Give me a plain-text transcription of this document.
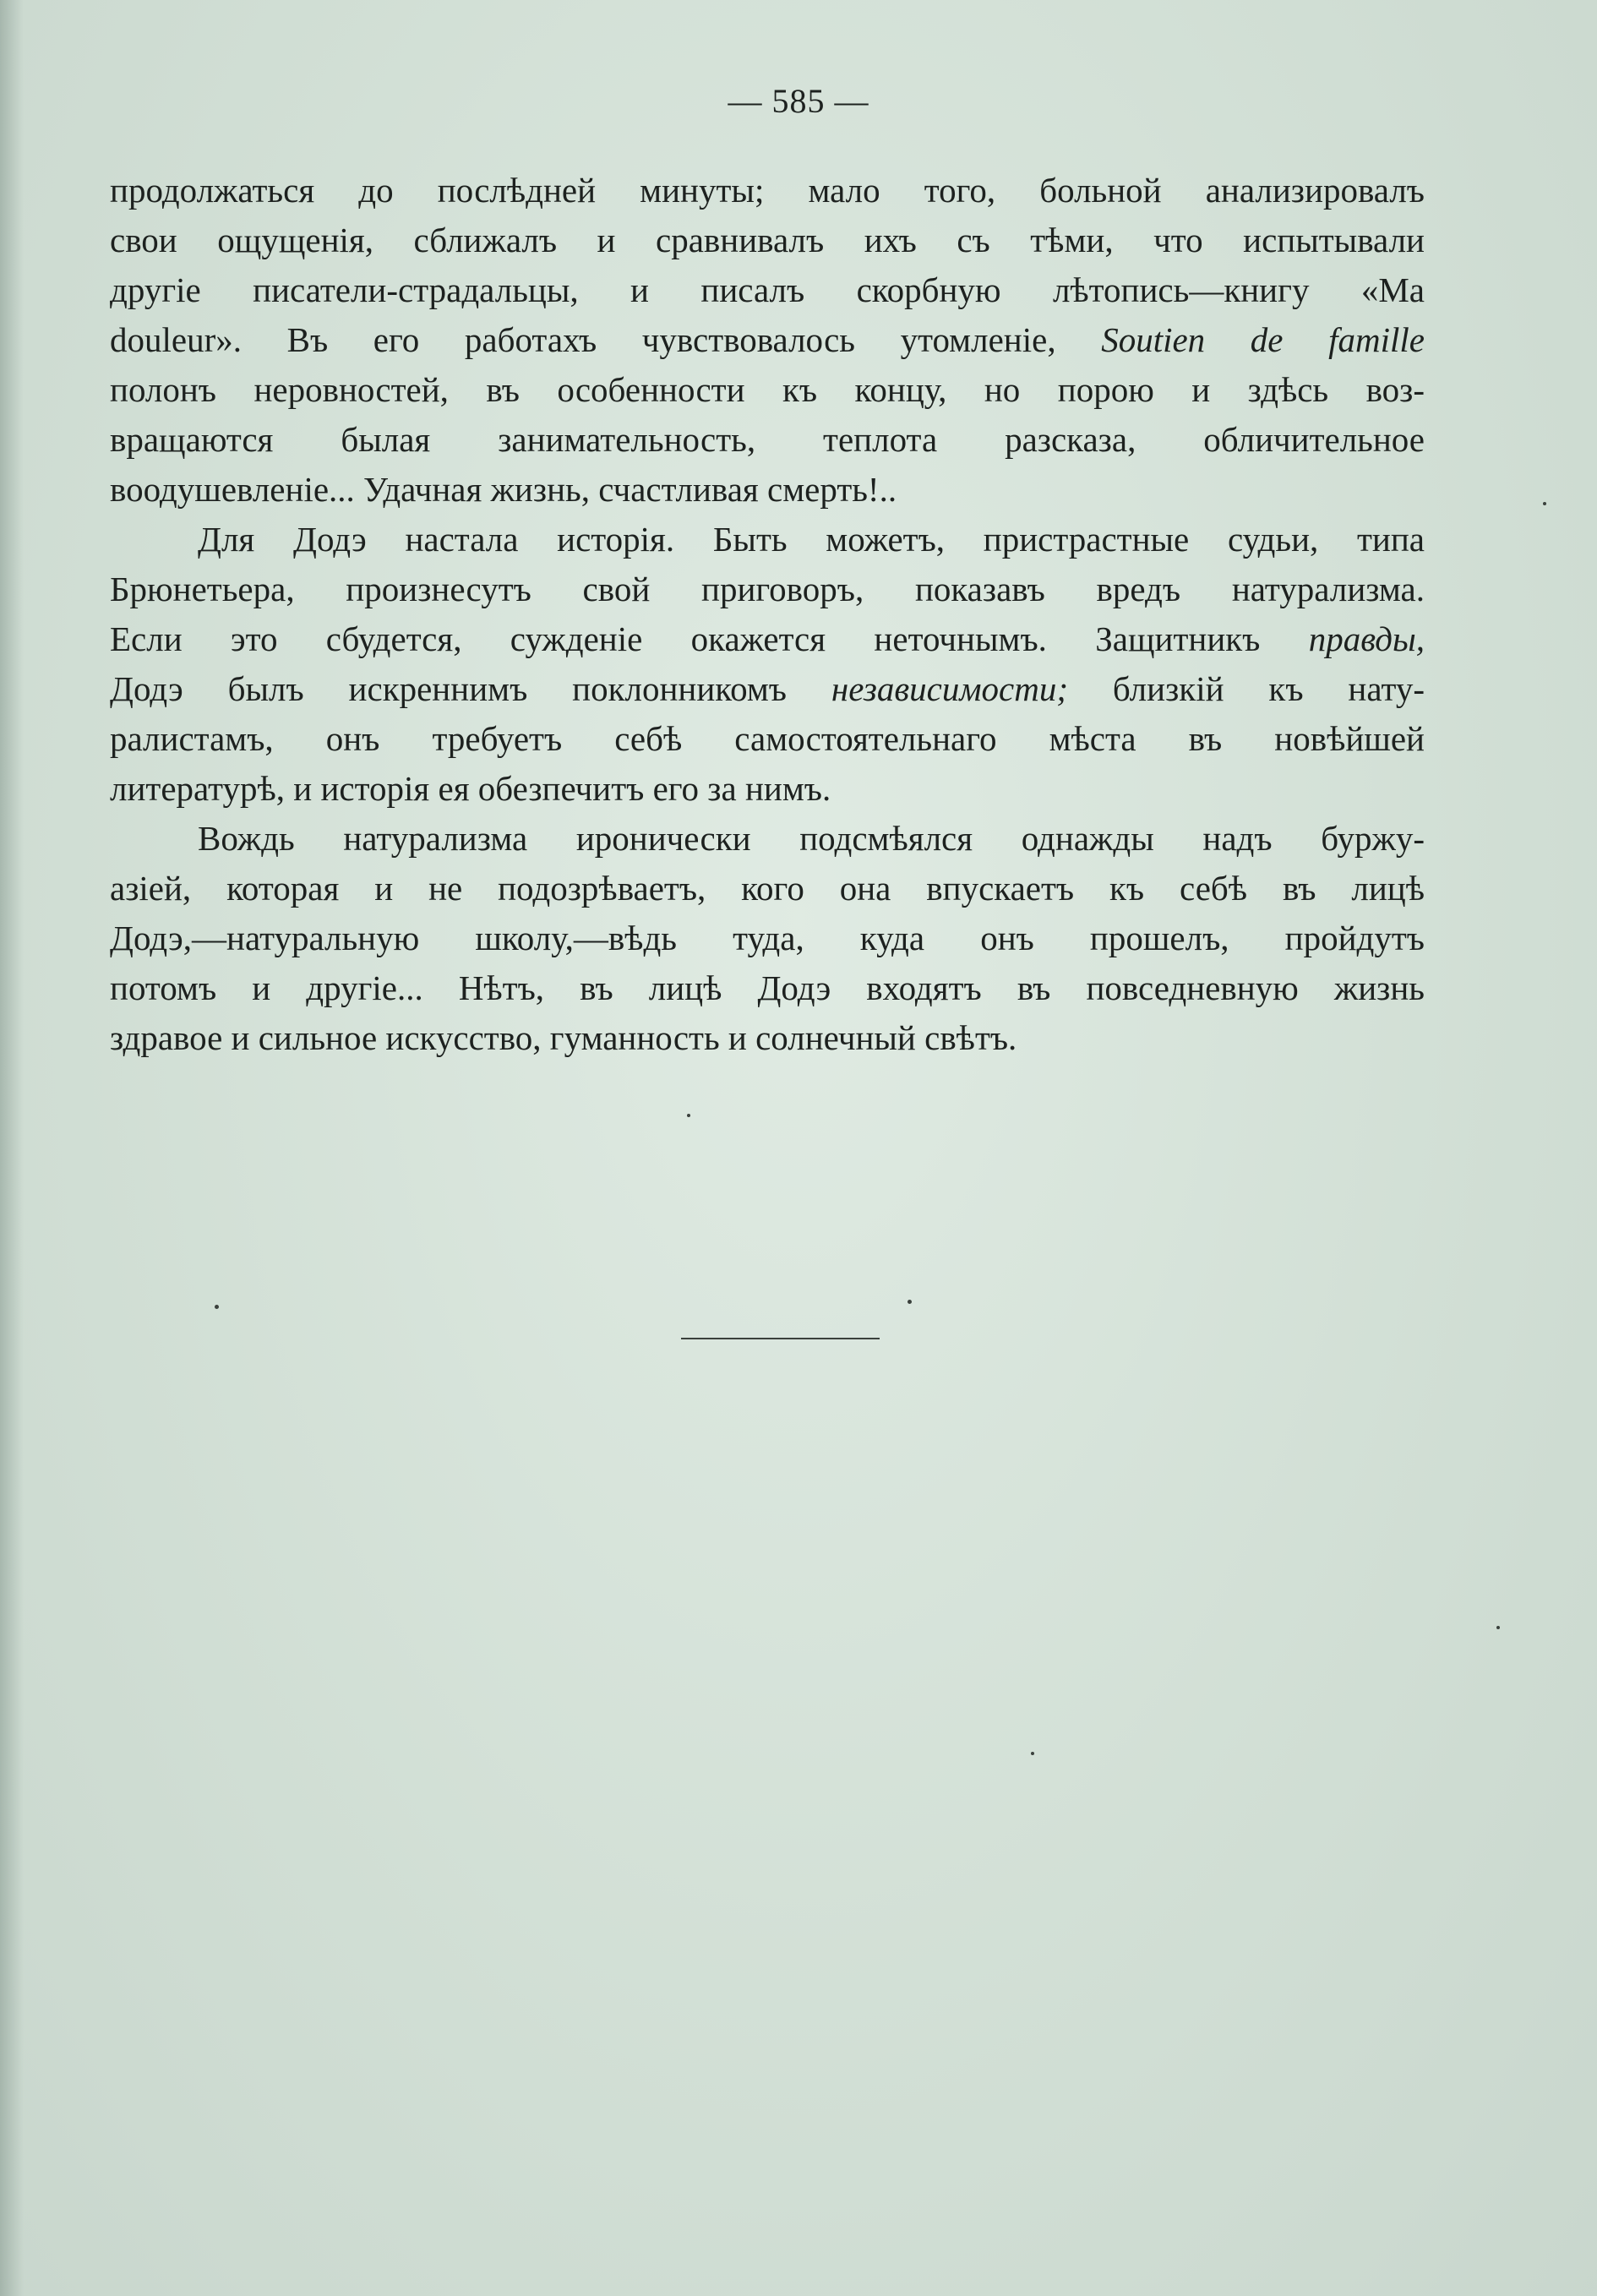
— 585 —
продолжаться до послѣдней минуты; мало того, больной анализировалъ
свои ощущенія, сближалъ и сравнивалъ ихъ съ тѣми, что испытывали
другіе писатели-страдальцы, и писалъ скорбную лѣтопись—книгу «Ma
douleur». Въ его работахъ чувствовалось утомленіе, Soutien de famille
полонъ неровностей, въ особенности къ концу, но порою и здѣсь воз-
вращаются былая занимательность, теплота разсказа, обличительное
воодушевленіе... Удачная жизнь, счастливая смерть!..
Для Додэ настала исторія. Быть можетъ, пристрастные судьи, типа
Брюнетьера, произнесутъ свой приговоръ, показавъ вредъ натурализма.
Если это сбудется, сужденіе окажется неточнымъ. Защитникъ правды,
Додэ былъ искреннимъ поклонникомъ независимости; близкій къ нату-
ралистамъ, онъ требуетъ себѣ самостоятельнаго мѣста въ новѣйшей
литературѣ, и исторія ея обезпечитъ его за нимъ.
Вождь натурализма иронически подсмѣялся однажды надъ буржу-
азіей, которая и не подозрѣваетъ, кого она впускаетъ къ себѣ въ лицѣ
Додэ,—натуральную школу,—вѣдь туда, куда онъ прошелъ, пройдутъ
потомъ и другіе... Нѣтъ, въ лицѣ Додэ входятъ въ повседневную жизнь
здравое и сильное искусство, гуманность и солнечный свѣтъ.
